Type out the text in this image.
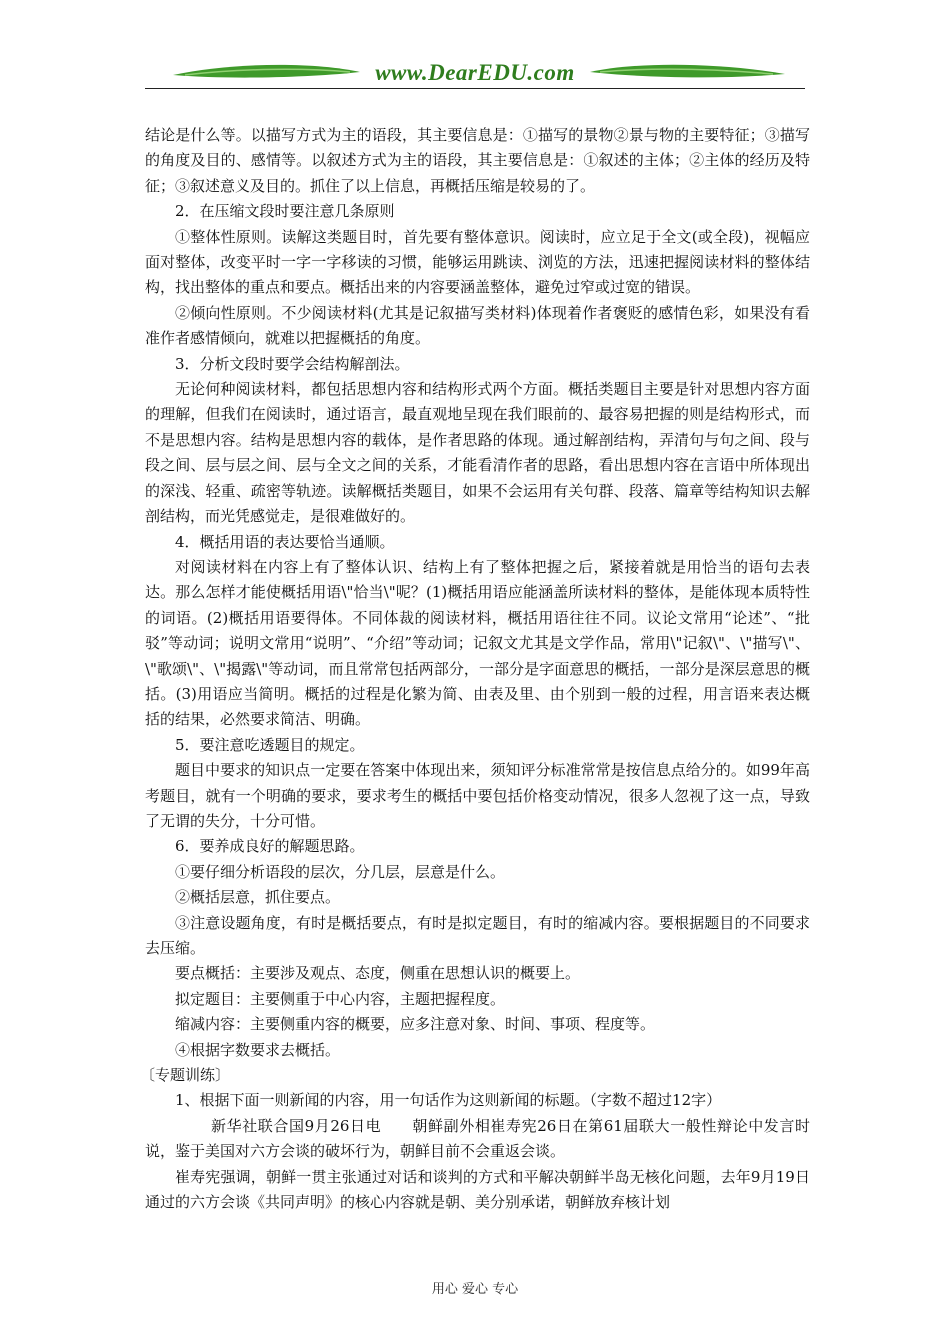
www.DearEDU.com

结论是什么等。以描写方式为主的语段，其主要信息是：①描写的景物②景与物的主要特征；③描写的角度及目的、感情等。以叙述方式为主的语段，其主要信息是：①叙述的主体；②主体的经历及特征；③叙述意义及目的。抓住了以上信息，再概括压缩是较易的了。

2．在压缩文段时要注意几条原则

①整体性原则。读解这类题目时，首先要有整体意识。阅读时，应立足于全文(或全段)，视幅应面对整体，改变平时一字一字移读的习惯，能够运用跳读、浏览的方法，迅速把握阅读材料的整体结构，找出整体的重点和要点。概括出来的内容要涵盖整体，避免过窄或过宽的错误。

②倾向性原则。不少阅读材料(尤其是记叙描写类材料)体现着作者褒贬的感情色彩，如果没有看准作者感情倾向，就难以把握概括的角度。

3．分析文段时要学会结构解剖法。

无论何种阅读材料，都包括思想内容和结构形式两个方面。概括类题目主要是针对思想内容方面的理解，但我们在阅读时，通过语言，最直观地呈现在我们眼前的、最容易把握的则是结构形式，而不是思想内容。结构是思想内容的载体，是作者思路的体现。通过解剖结构，弄清句与句之间、段与段之间、层与层之间、层与全文之间的关系，才能看清作者的思路，看出思想内容在言语中所体现出的深浅、轻重、疏密等轨迹。读解概括类题目，如果不会运用有关句群、段落、篇章等结构知识去解剖结构，而光凭感觉走，是很难做好的。

4．概括用语的表达要恰当通顺。

对阅读材料在内容上有了整体认识、结构上有了整体把握之后，紧接着就是用恰当的语句去表达。那么怎样才能使概括用语\"恰当\"呢？(1)概括用语应能涵盖所读材料的整体，是能体现本质特性的词语。(2)概括用语要得体。不同体裁的阅读材料，概括用语往往不同。议论文常用“论述”、“批驳”等动词；说明文常用“说明”、“介绍”等动词；记叙文尤其是文学作品，常用\"记叙\"、\"描写\"、\"歌颂\"、\"揭露\"等动词，而且常常包括两部分，一部分是字面意思的概括，一部分是深层意思的概括。(3)用语应当简明。概括的过程是化繁为简、由表及里、由个别到一般的过程，用言语来表达概括的结果，必然要求简洁、明确。

5．要注意吃透题目的规定。

题目中要求的知识点一定要在答案中体现出来，须知评分标准常常是按信息点给分的。如99年高考题目，就有一个明确的要求，要求考生的概括中要包括价格变动情况，很多人忽视了这一点，导致了无谓的失分，十分可惜。

6．要养成良好的解题思路。

①要仔细分析语段的层次，分几层，层意是什么。

②概括层意，抓住要点。

③注意设题角度，有时是概括要点，有时是拟定题目，有时的缩减内容。要根据题目的不同要求去压缩。

要点概括：主要涉及观点、态度，侧重在思想认识的概要上。

拟定题目：主要侧重于中心内容，主题把握程度。

缩减内容：主要侧重内容的概要，应多注意对象、时间、事项、程度等。

④根据字数要求去概括。

〔专题训练〕

1、根据下面一则新闻的内容，用一句话作为这则新闻的标题。（字数不超过12字）

新华社联合国9月26日电　　朝鲜副外相崔寿宪26日在第61届联大一般性辩论中发言时说，鉴于美国对六方会谈的破坏行为，朝鲜目前不会重返会谈。

崔寿宪强调，朝鲜一贯主张通过对话和谈判的方式和平解决朝鲜半岛无核化问题，去年9月19日通过的六方会谈《共同声明》的核心内容就是朝、美分别承诺，朝鲜放弃核计划

用心 爱心 专心
